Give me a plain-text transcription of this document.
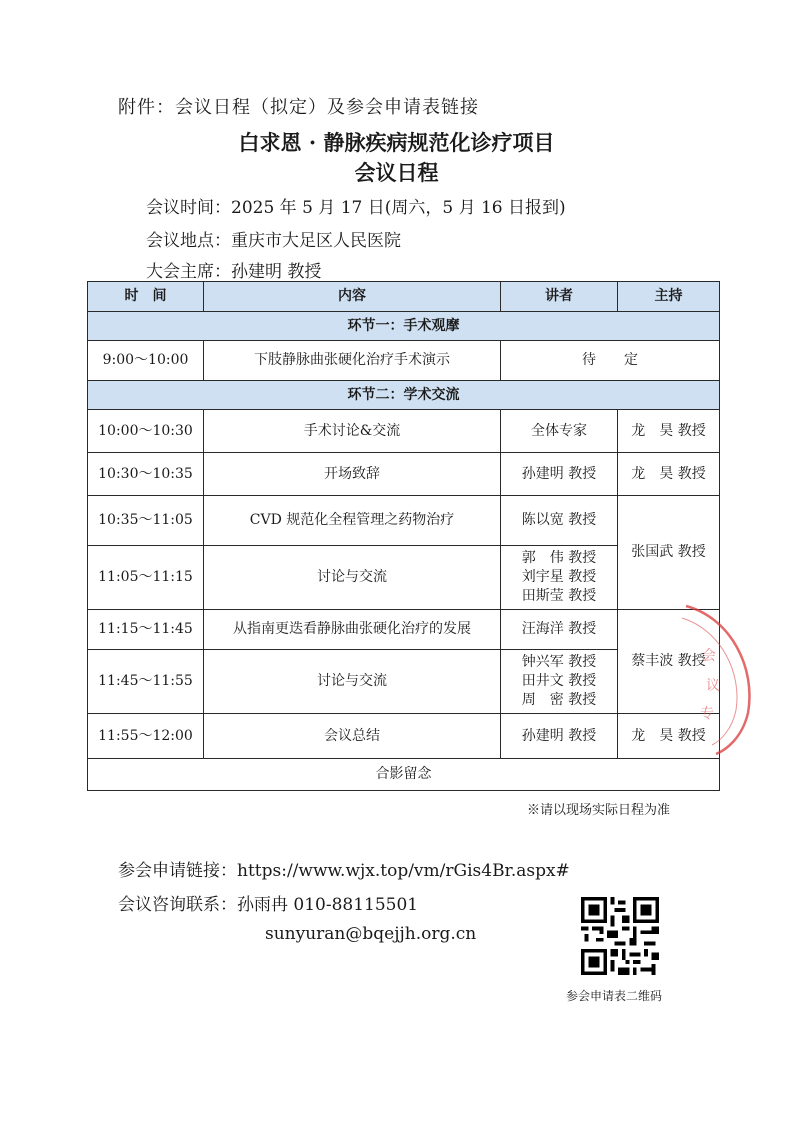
附件：会议日程（拟定）及参会申请表链接
白求恩 · 静脉疾病规范化诊疗项目
会议日程
会议时间：2025 年 5 月 17 日(周六，5 月 16 日报到)
会议地点：重庆市大足区人民医院
大会主席：孙建明 教授
时　间	内容	讲者	主持
环节一：手术观摩			
9:00～10:00	下肢静脉曲张硬化治疗手术演示	待　　定	
环节二：学术交流			
10:00～10:30	手术讨论&交流	全体专家	龙　昊 教授
10:30～10:35	开场致辞	孙建明 教授	龙　昊 教授
10:35～11:05	CVD 规范化全程管理之药物治疗	陈以宽 教授	张国武 教授
11:05～11:15	讨论与交流	郭　伟 教授
刘宇星 教授
田斯莹 教授	

11:15～11:45	从指南更迭看静脉曲张硬化治疗的发展	汪海洋 教授	蔡丰波 教授
11:45～11:55	讨论与交流	钟兴军 教授
田井文 教授
周　密 教授	

11:55～12:00	会议总结	孙建明 教授	龙　昊 教授
合影留念			
※请以现场实际日程为准
会
议
专
参会申请链接：https://www.wjx.top/vm/rGis4Br.aspx#
会议咨询联系：孙雨冉 010-88115501
sunyuran@bqejjh.org.cn
参会申请表二维码
